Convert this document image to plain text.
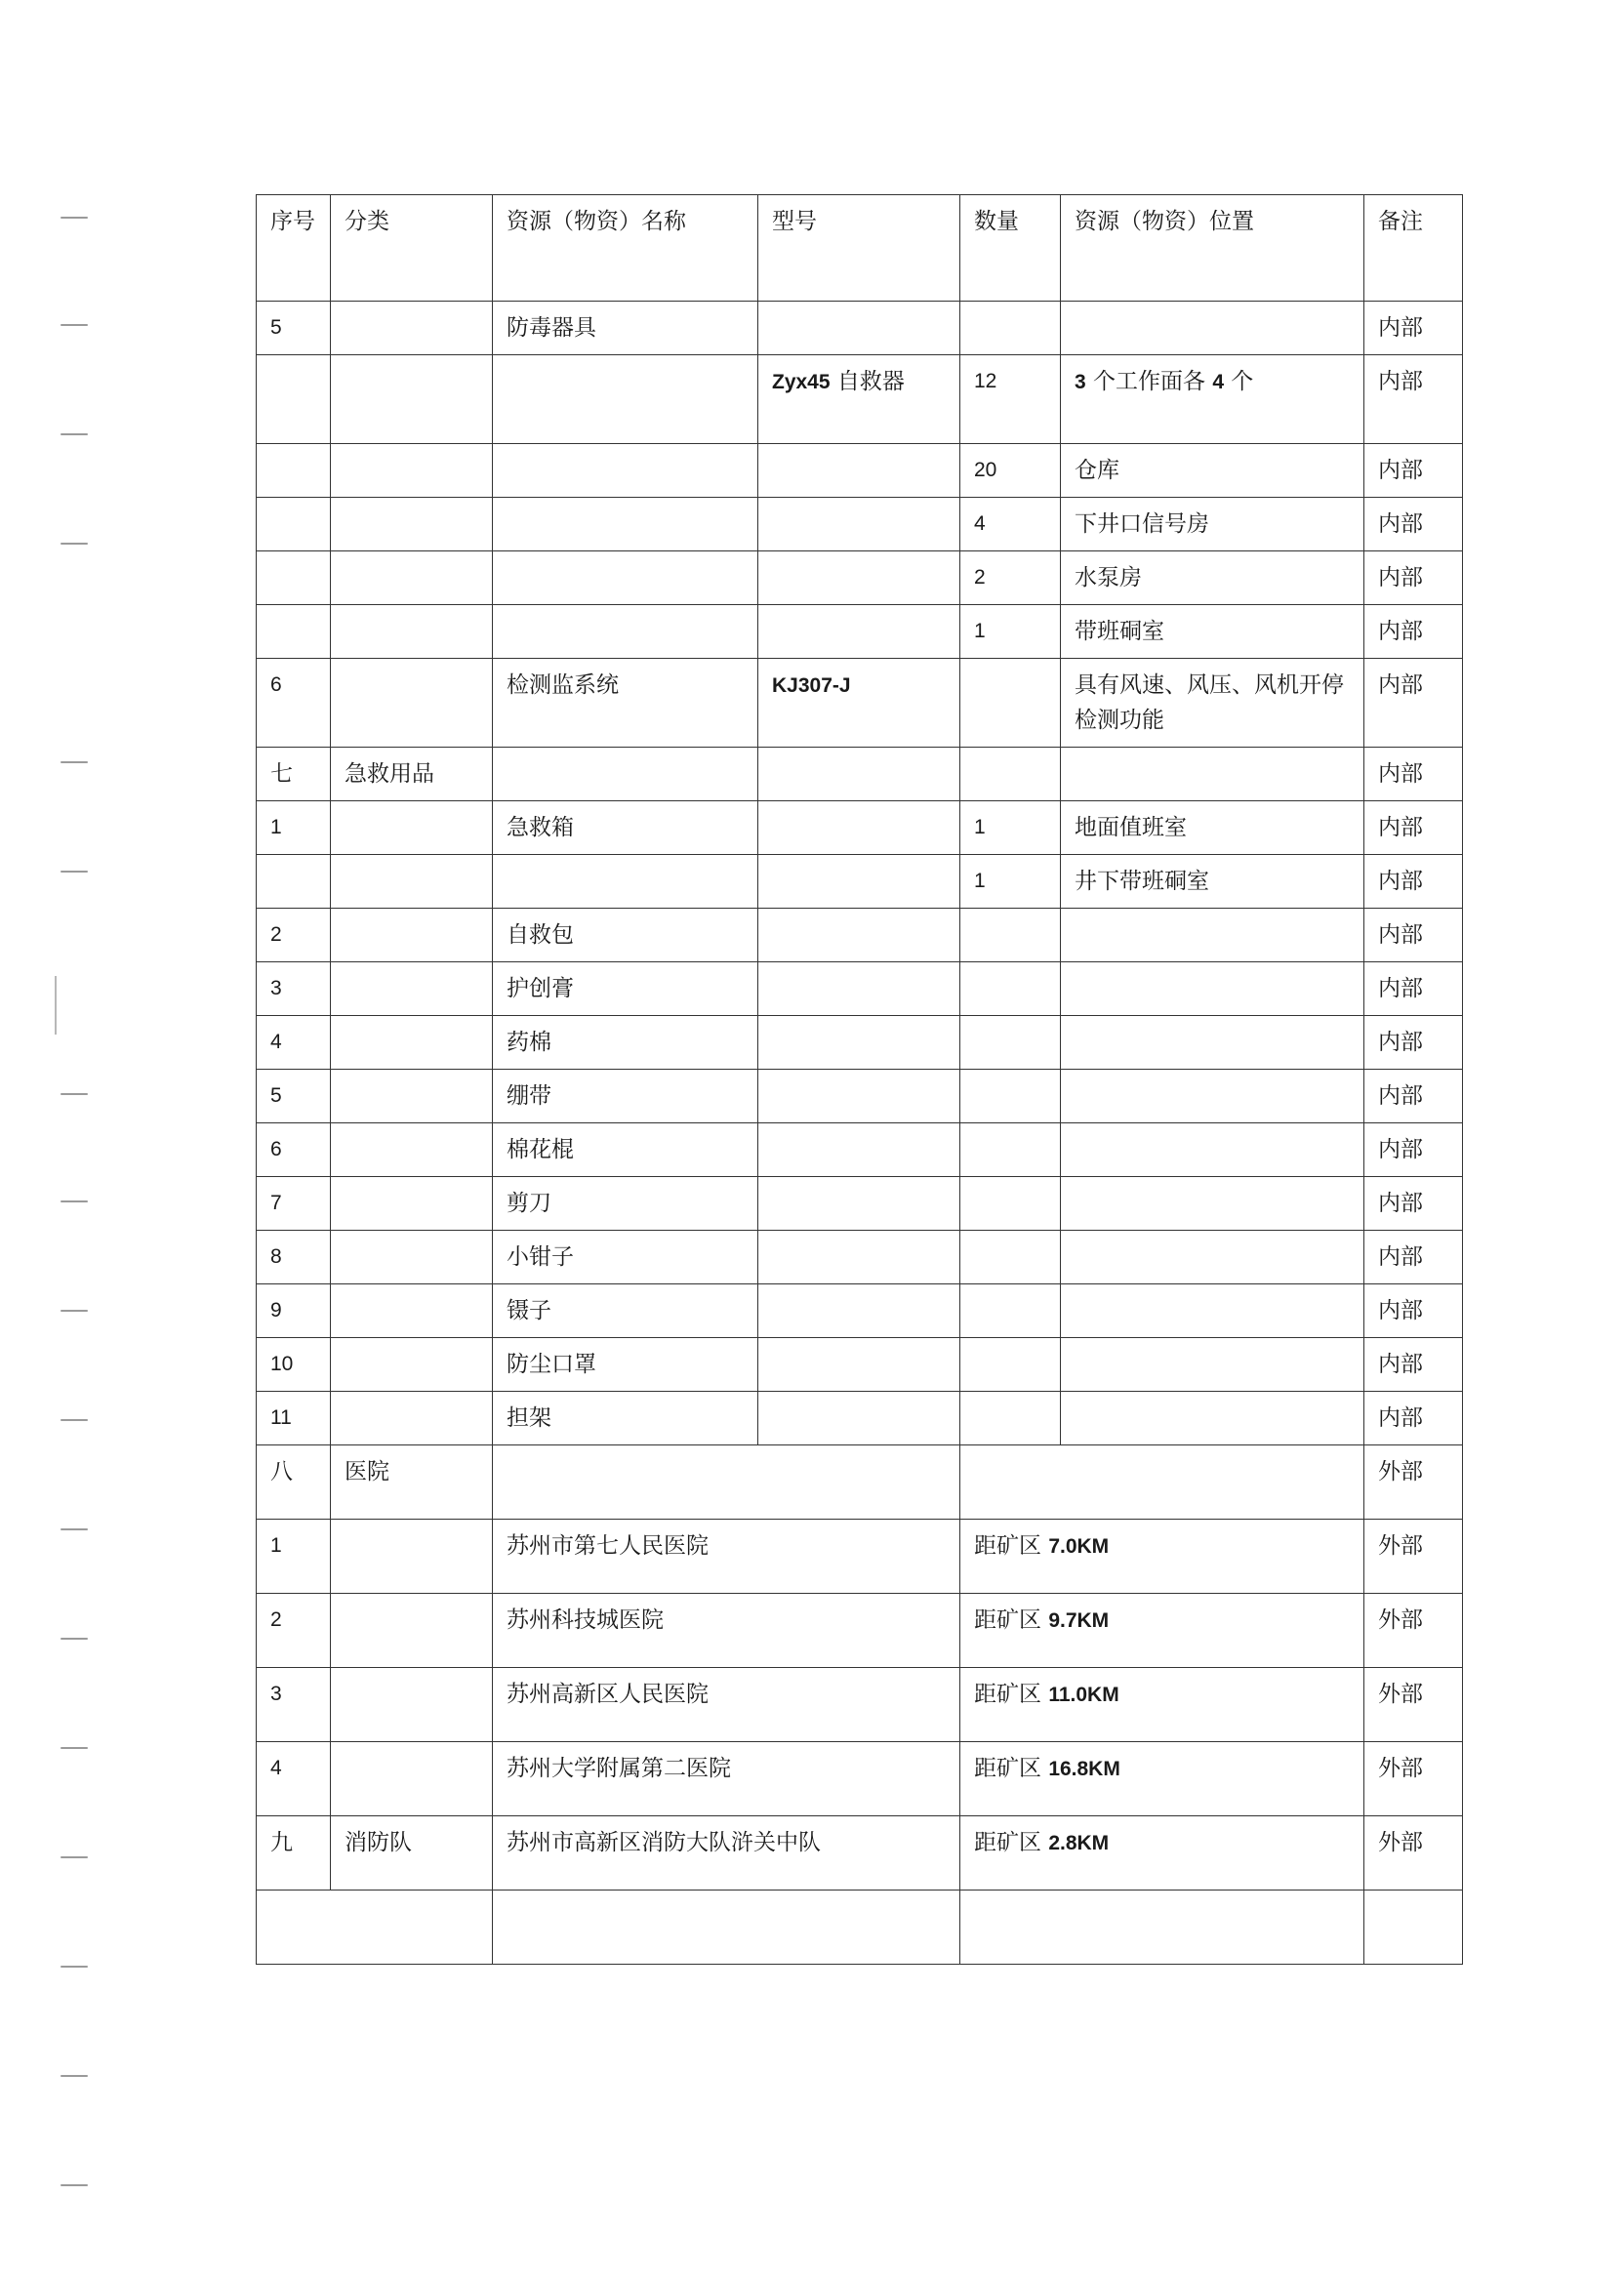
序号	分类	资源（物资）名称	型号	数量	资源（物资）位置	备注
5		防毒器具				内部
			Zyx45 自救器	12	3 个工作面各 4 个	内部
				20	仓库	内部
				4	下井口信号房	内部
				2	水泵房	内部
				1	带班硐室	内部
6		检测监系统	KJ307-J		具有风速、风压、风机开停检测功能	内部
七	急救用品					内部
1		急救箱		1	地面值班室	内部
				1	井下带班硐室	内部
2		自救包				内部
3		护创膏				内部
4		药棉				内部
5		绷带				内部
6		棉花棍				内部
7		剪刀				内部
8		小钳子				内部
9		镊子				内部
10		防尘口罩				内部
11		担架				内部
八	医院					外部
1		苏州市第七人民医院		距矿区 7.0KM		外部
2		苏州科技城医院		距矿区 9.7KM		外部
3		苏州高新区人民医院		距矿区 11.0KM		外部
4		苏州大学附属第二医院		距矿区 16.8KM		外部
九	消防队	苏州市高新区消防大队浒关中队		距矿区 2.8KM		外部
